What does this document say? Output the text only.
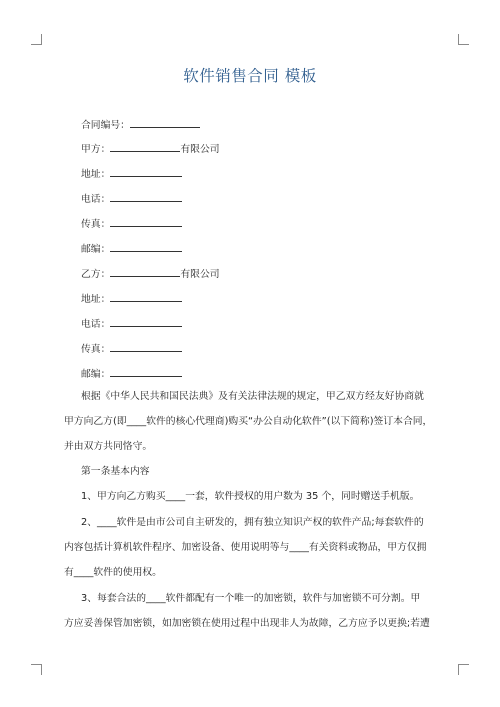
软件销售合同 模板
合同编号：
甲方：	有限公司
地址：
电话：
传真：
邮编：
乙方：	有限公司
地址：
电话：
传真：
邮编：
根据《中华人民共和国民法典》及有关法律法规的规定，甲乙双方经友好协商就
甲方向乙方(即____软件的核心代理商)购买“办公自动化软件”(以下简称)签订本合同，
并由双方共同恪守。
第一条基本内容
1、甲方向乙方购买____一套，软件授权的用户数为 35 个，同时赠送手机版。
2、____软件是由市公司自主研发的，拥有独立知识产权的软件产品;每套软件的
内容包括计算机软件程序、加密设备、使用说明等与____有关资料或物品，甲方仅拥
有____软件的使用权。
3、每套合法的____软件都配有一个唯一的加密锁，软件与加密锁不可分割。甲
方应妥善保管加密锁，如加密锁在使用过程中出现非人为故障，乙方应予以更换;若遭
